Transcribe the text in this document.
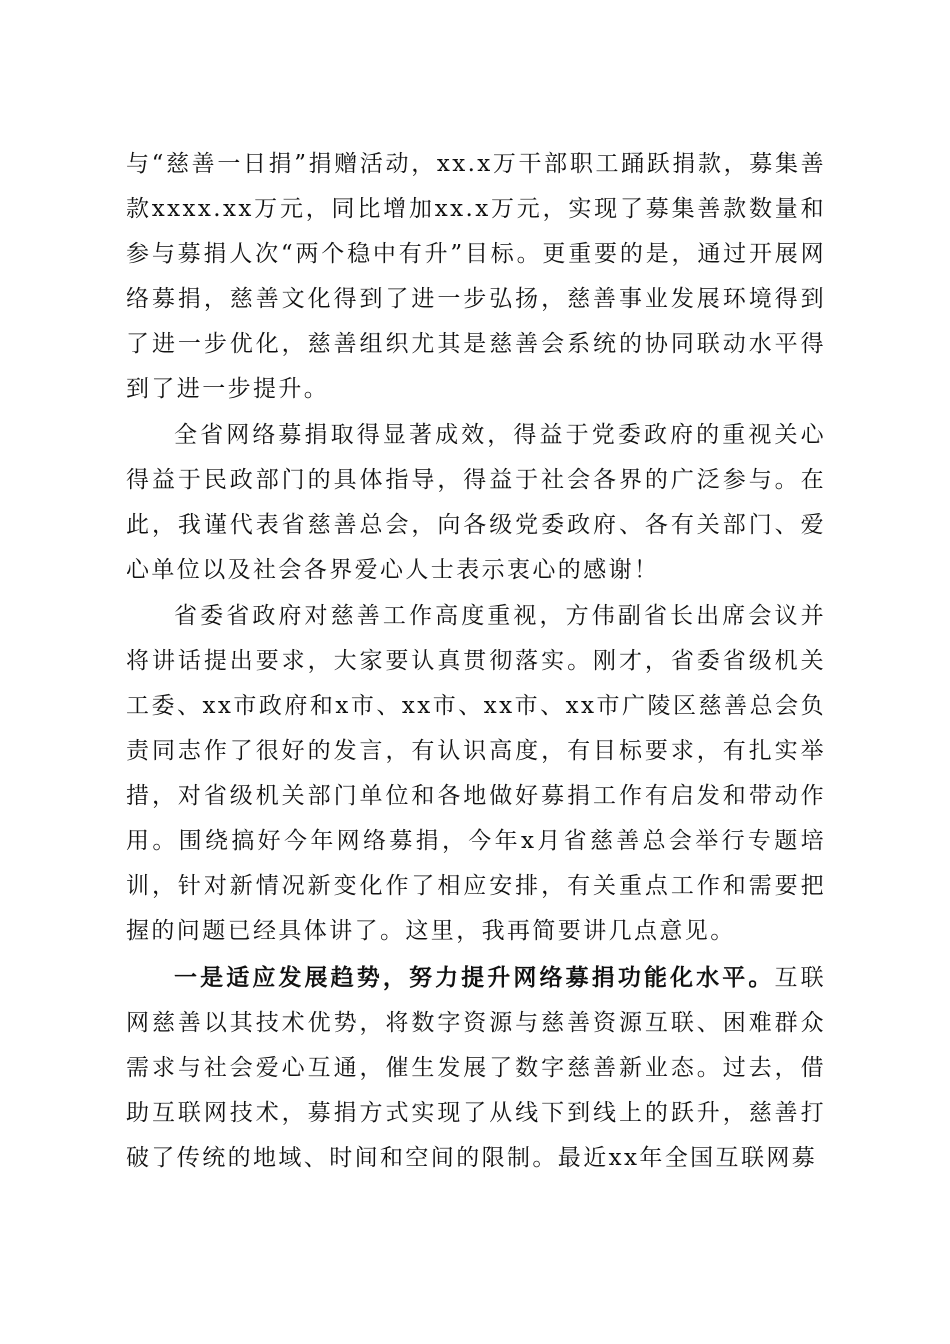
与“慈善一日捐”捐赠活动，xx.x万干部职工踊跃捐款，募集善款xxxx.xx万元，同比增加xx.x万元，实现了募集善款数量和参与募捐人次“两个稳中有升”目标。更重要的是，通过开展网络募捐，慈善文化得到了进一步弘扬，慈善事业发展环境得到了进一步优化，慈善组织尤其是慈善会系统的协同联动水平得到了进一步提升。

全省网络募捐取得显著成效，得益于党委政府的重视关心得益于民政部门的具体指导，得益于社会各界的广泛参与。在此，我谨代表省慈善总会，向各级党委政府、各有关部门、爱心单位以及社会各界爱心人士表示衷心的感谢！

省委省政府对慈善工作高度重视，方伟副省长出席会议并将讲话提出要求，大家要认真贯彻落实。刚才，省委省级机关工委、xx市政府和x市、xx市、xx市、xx市广陵区慈善总会负责同志作了很好的发言，有认识高度，有目标要求，有扎实举措，对省级机关部门单位和各地做好募捐工作有启发和带动作用。围绕搞好今年网络募捐，今年x月省慈善总会举行专题培训，针对新情况新变化作了相应安排，有关重点工作和需要把握的问题已经具体讲了。这里，我再简要讲几点意见。

一是适应发展趋势，努力提升网络募捐功能化水平。互联网慈善以其技术优势，将数字资源与慈善资源互联、困难群众需求与社会爱心互通，催生发展了数字慈善新业态。过去，借助互联网技术，募捐方式实现了从线下到线上的跃升，慈善打破了传统的地域、时间和空间的限制。最近xx年全国互联网募
